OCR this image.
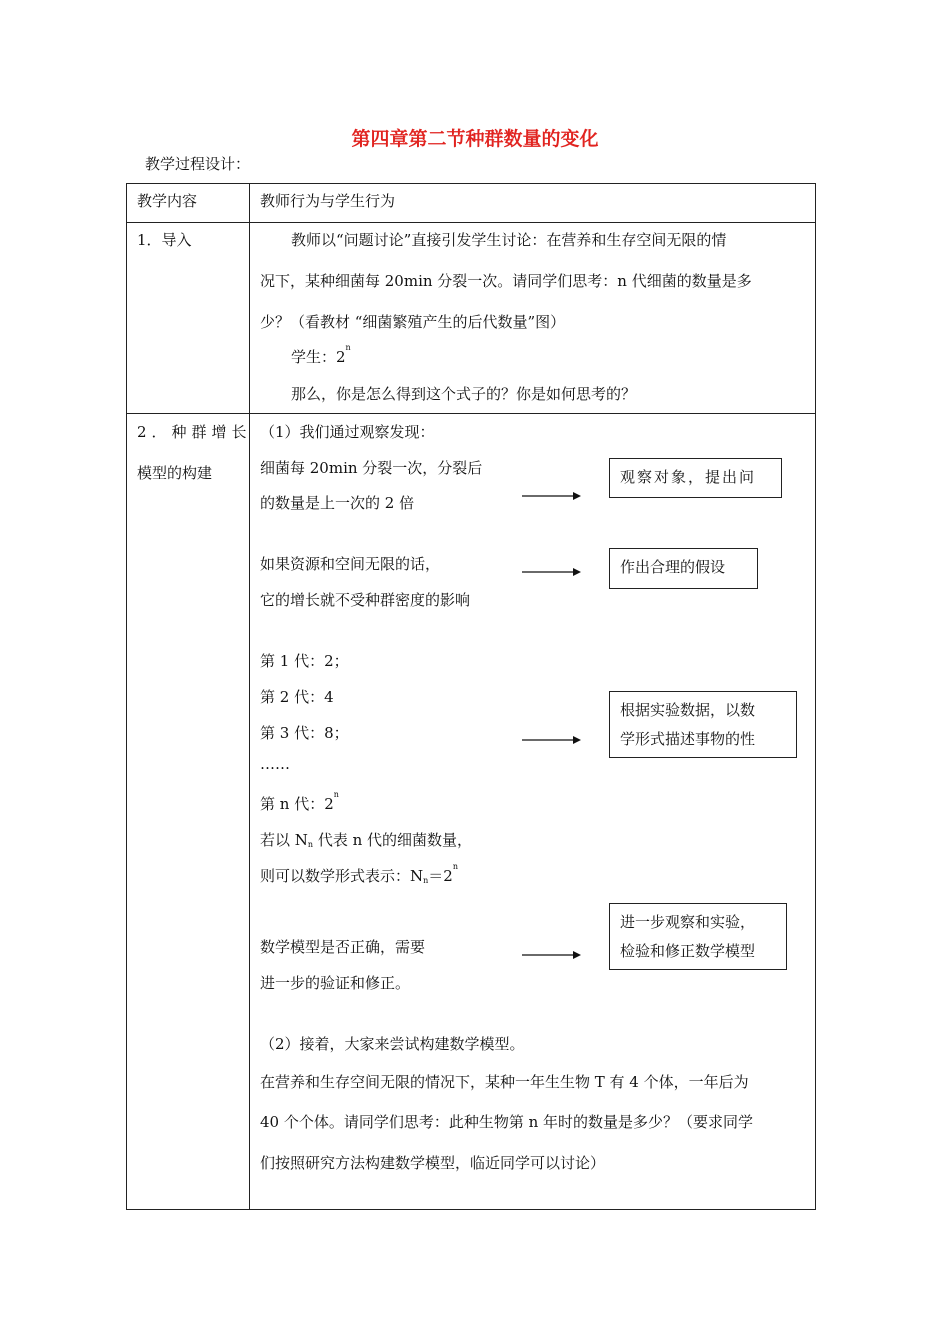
第四章第二节种群数量的变化
教学过程设计：
教学内容	教师行为与学生行为
1．导入	教师以“问题讨论”直接引发学生讨论：在营养和生存空间无限的情
况下，某种细菌每 20min 分裂一次。请同学们思考：n 代细菌的数量是多
少？（看教材 “细菌繁殖产生的后代数量”图）
学生：2$^n$
那么，你是怎么得到这个式子的？你是如何思考的？
2．种群增长
模型的构建
（1）我们通过观察发现：
细菌每 20min 分裂一次，分裂后
的数量是上一次的 2 倍
如果资源和空间无限的话，
它的增长就不受种群密度的影响
第 1 代：2；
第 2 代：4
第 3 代：8；
……
第 n 代：2$^n$
若以 $N_n$ 代表 n 代的细菌数量，
则可以数学形式表示：$N_n=2^n$
数学模型是否正确，需要
进一步的验证和修正。
（2）接着，大家来尝试构建数学模型。
在营养和生存空间无限的情况下，某种一年生生物 T 有 4 个体，一年后为
40 个个体。请同学们思考：此种生物第 n 年时的数量是多少？（要求同学
们按照研究方法构建数学模型，临近同学可以讨论）
观察对象，提出问
作出合理的假设
根据实验数据，以数
学形式描述事物的性
进一步观察和实验，
检验和修正数学模型
